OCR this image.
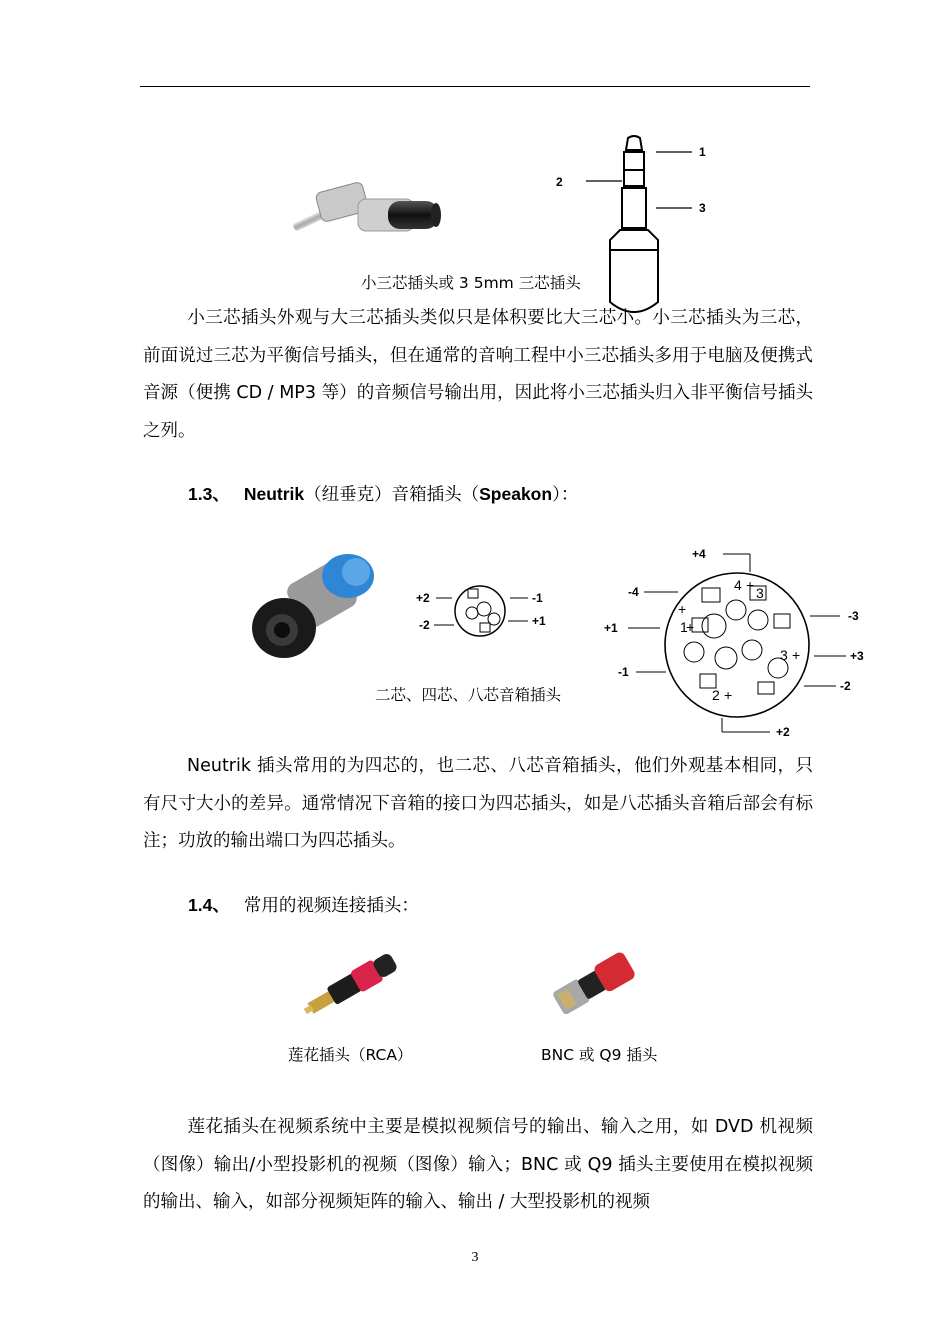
1
2
3
小三芯插头或 3 5mm 三芯插头

小三芯插头外观与大三芯插头类似只是体积要比大三芯小。小三芯插头为三芯，前面说过三芯为平衡信号插头，但在通常的音响工程中小三芯插头多用于电脑及便携式音源（便携 CD / MP3 等）的音频信号输出用，因此将小三芯插头归入非平衡信号插头之列。

1.3、 Neutrik（纽垂克）音箱插头（Speakon）：
+2
-2
-1
+1
二芯、四芯、八芯音箱插头
4 + 3
+
1
+
3 +
2 +
+4
-4
+1
-1
-3
+3
-2
+2

Neutrik 插头常用的为四芯的，也二芯、八芯音箱插头，他们外观基本相同，只有尺寸大小的差异。通常情况下音箱的接口为四芯插头，如是八芯插头音箱后部会有标注；功放的输出端口为四芯插头。

1.4、 常用的视频连接插头：
莲花插头（RCA）	BNC 或 Q9 插头

莲花插头在视频系统中主要是模拟视频信号的输出、输入之用，如 DVD 机视频（图像）输出/小型投影机的视频（图像）输入；BNC 或 Q9 插头主要使用在模拟视频的输出、输入，如部分视频矩阵的输入、输出 / 大型投影机的视频

3
